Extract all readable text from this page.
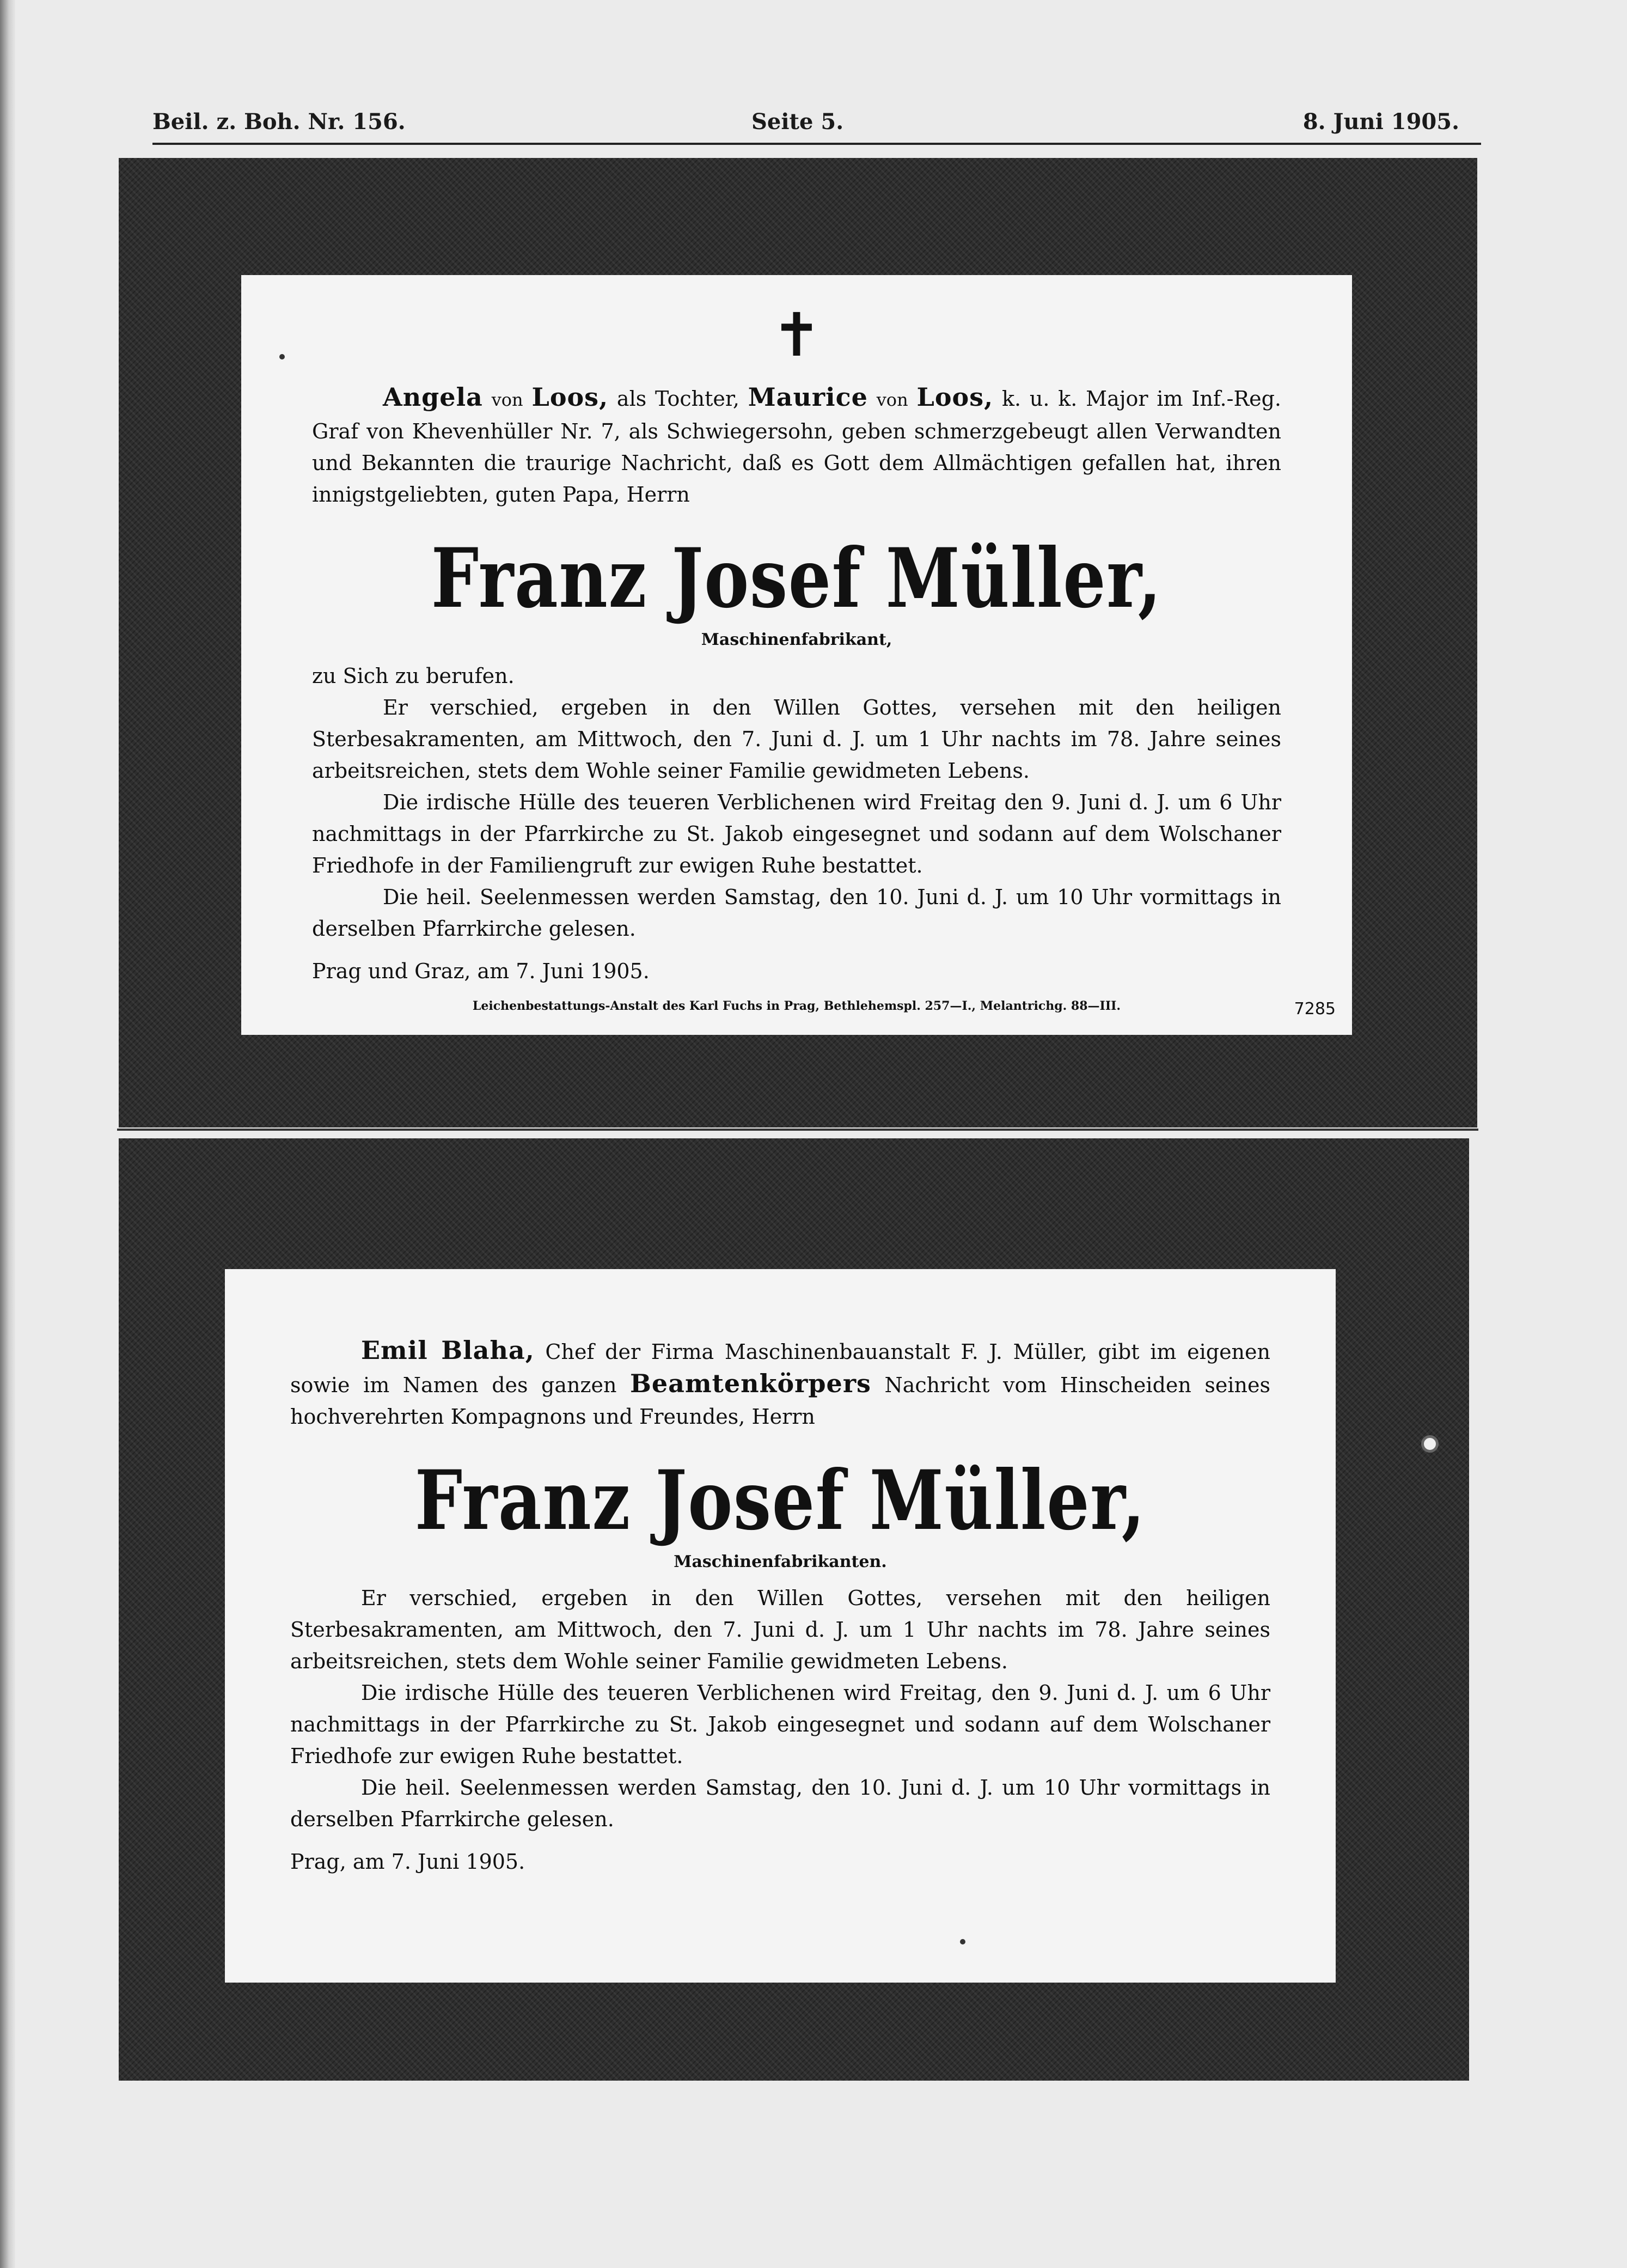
Beil. z. Boh. Nr. 156.	Seite 5.	8. Juni 1905.
✝

Angela von Loos, als Tochter, Maurice von Loos, k. u. k. Major im Inf.-Reg. Graf von Khevenhüller Nr. 7, als Schwiegersohn, geben schmerzgebeugt allen Verwandten und Bekannten die traurige Nachricht, daß es Gott dem Allmächtigen gefallen hat, ihren innigstgeliebten, guten Papa, Herrn

Franz Josef Müller,
Maschinenfabrikant,

zu Sich zu berufen.

Er verschied, ergeben in den Willen Gottes, versehen mit den heiligen Sterbesakramenten, am Mittwoch, den 7. Juni d. J. um 1 Uhr nachts im 78. Jahre seines arbeitsreichen, stets dem Wohle seiner Familie gewidmeten Lebens.

Die irdische Hülle des teueren Verblichenen wird Freitag den 9. Juni d. J. um 6 Uhr nachmittags in der Pfarrkirche zu St. Jakob eingesegnet und sodann auf dem Wolschaner Friedhofe in der Familiengruft zur ewigen Ruhe bestattet.

Die heil. Seelenmessen werden Samstag, den 10. Juni d. J. um 10 Uhr vormittags in derselben Pfarrkirche gelesen.

Prag und Graz, am 7. Juni 1905.

Leichenbestattungs-Anstalt des Karl Fuchs in Prag, Bethlehemspl. 257—I., Melantrichg. 88—III.	7285

Emil Blaha, Chef der Firma Maschinenbauanstalt F. J. Müller, gibt im eigenen sowie im Namen des ganzen Beamtenkörpers Nachricht vom Hinscheiden seines hochverehrten Kompagnons und Freundes, Herrn

Franz Josef Müller,
Maschinenfabrikanten.

Er verschied, ergeben in den Willen Gottes, versehen mit den heiligen Sterbesakramenten, am Mittwoch, den 7. Juni d. J. um 1 Uhr nachts im 78. Jahre seines arbeitsreichen, stets dem Wohle seiner Familie gewidmeten Lebens.

Die irdische Hülle des teueren Verblichenen wird Freitag, den 9. Juni d. J. um 6 Uhr nachmittags in der Pfarrkirche zu St. Jakob eingesegnet und sodann auf dem Wolschaner Friedhofe zur ewigen Ruhe bestattet.

Die heil. Seelenmessen werden Samstag, den 10. Juni d. J. um 10 Uhr vormittags in derselben Pfarrkirche gelesen.

Prag, am 7. Juni 1905.
